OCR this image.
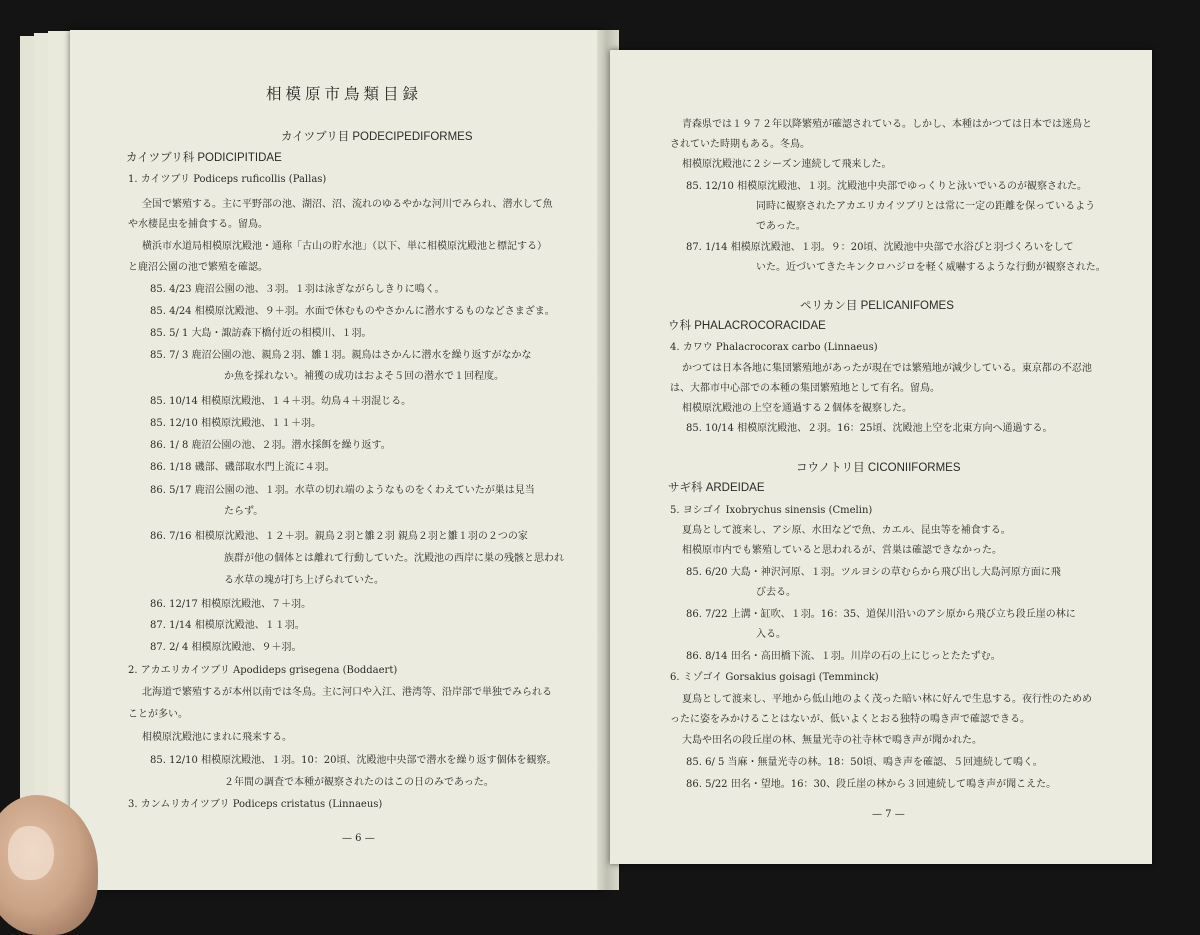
相模原市鳥類目録
カイツブリ目 PODECIPEDIFORMES
カイツブリ科 PODICIPITIDAE
1. カイツブリ Podiceps ruficollis (Pallas)
全国で繁殖する。主に平野部の池、湖沼、沼、流れのゆるやかな河川でみられ、潜水して魚
や水棲昆虫を捕食する。留鳥。
横浜市水道局相模原沈殿池・通称「古山の貯水池」（以下、単に相模原沈殿池と標記する）
と鹿沼公園の池で繁殖を確認。
85. 4/23 鹿沼公園の池、３羽。１羽は泳ぎながらしきりに鳴く。
85. 4/24 相模原沈殿池、９＋羽。水面で休むものやさかんに潜水するものなどさまざま。
85. 5/ 1 大島・諏訪森下橋付近の相模川、１羽。
85. 7/ 3 鹿沼公園の池、親鳥２羽、雛１羽。親鳥はさかんに潜水を繰り返すがなかな
か魚を採れない。補獲の成功はおよそ５回の潜水で１回程度。
85. 10/14 相模原沈殿池、１４＋羽。幼鳥４＋羽混じる。
85. 12/10 相模原沈殿池、１１＋羽。
86. 1/ 8 鹿沼公園の池、２羽。潜水採餌を繰り返す。
86. 1/18 磯部、磯部取水門上流に４羽。
86. 5/17 鹿沼公園の池、１羽。水草の切れ端のようなものをくわえていたが巣は見当
たらず。
86. 7/16 相模原沈殿池、１２＋羽。親鳥２羽と雛２羽 親鳥２羽と雛１羽の２つの家
族群が他の個体とは離れて行動していた。沈殿池の西岸に巣の残骸と思われ
る水草の塊が打ち上げられていた。
86. 12/17 相模原沈殿池、７＋羽。
87. 1/14 相模原沈殿池、１１羽。
87. 2/ 4 相模原沈殿池、９＋羽。
2. アカエリカイツブリ Apodideps grisegena (Boddaert)
北海道で繁殖するが本州以南では冬鳥。主に河口や入江、港湾等、沿岸部で単独でみられる
ことが多い。
相模原沈殿池にまれに飛来する。
85. 12/10 相模原沈殿池、１羽。10：20頃、沈殿池中央部で潜水を繰り返す個体を観察。
２年間の調査で本種が観察されたのはこの日のみであった。
3. カンムリカイツブリ Podiceps cristatus (Linnaeus)
— 6 —
青森県では１９７２年以降繁殖が確認されている。しかし、本種はかつては日本では迷鳥と
されていた時期もある。冬鳥。
相模原沈殿池に２シーズン連続して飛来した。
85. 12/10 相模原沈殿池、１羽。沈殿池中央部でゆっくりと泳いでいるのが観察された。
同時に観察されたアカエリカイツブリとは常に一定の距離を保っているよう
であった。
87. 1/14 相模原沈殿池、１羽。９：20頃、沈殿池中央部で水浴びと羽づくろいをして
いた。近づいてきたキンクロハジロを軽く威嚇するような行動が観察された。
ペリカン目 PELICANIFOMES
ウ科 PHALACROCORACIDAE
4. カワウ Phalacrocorax carbo (Linnaeus)
かつては日本各地に集団繁殖地があったが現在では繁殖地が減少している。東京都の不忍池
は、大都市中心部での本種の集団繁殖地として有名。留鳥。
相模原沈殿池の上空を通過する２個体を観察した。
85. 10/14 相模原沈殿池、２羽。16：25頃、沈殿池上空を北東方向へ通過する。
コウノトリ目 CICONIIFORMES
サギ科 ARDEIDAE
5. ヨシゴイ Ixobrychus sinensis (Cmelin)
夏鳥として渡来し、アシ原、水田などで魚、カエル、昆虫等を補食する。
相模原市内でも繁殖していると思われるが、営巣は確認できなかった。
85. 6/20 大島・神沢河原、１羽。ツルヨシの草むらから飛び出し大島河原方面に飛
び去る。
86. 7/22 上溝・缸吹、１羽。16：35、道保川沿いのアシ原から飛び立ち段丘崖の林に
入る。
86. 8/14 田名・高田橋下流、１羽。川岸の石の上にじっとたたずむ。
6. ミゾゴイ Gorsakius goisagi (Temminck)
夏鳥として渡来し、平地から低山地のよく茂った暗い林に好んで生息する。夜行性のためめ
ったに姿をみかけることはないが、低いよくとおる独特の鳴き声で確認できる。
大島や田名の段丘崖の林、無量光寺の社寺林で鳴き声が聞かれた。
85. 6/ 5 当麻・無量光寺の林。18：50頃、鳴き声を確認、５回連続して鳴く。
86. 5/22 田名・望地。16：30、段丘崖の林から３回連続して鳴き声が聞こえた。
— 7 —
